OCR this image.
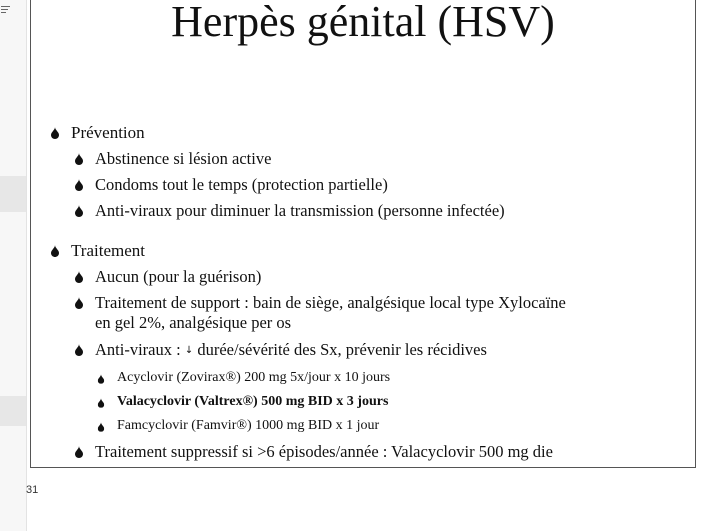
Herpès génital (HSV)
Prévention
Abstinence si lésion active
Condoms tout le temps (protection partielle)
Anti-viraux pour diminuer la transmission (personne infectée)
Traitement
Aucun (pour la guérison)
Traitement de support : bain de siège, analgésique local type Xylocaïne
en gel 2%, analgésique per os
Anti-viraux : ↓ durée/sévérité des Sx, prévenir les récidives
Acyclovir (Zovirax®) 200 mg 5x/jour x 10 jours
Valacyclovir (Valtrex®) 500 mg BID x 3 jours
Famcyclovir (Famvir®) 1000 mg BID x 1 jour
Traitement suppressif si >6 épisodes/année : Valacyclovir 500 mg die
31
